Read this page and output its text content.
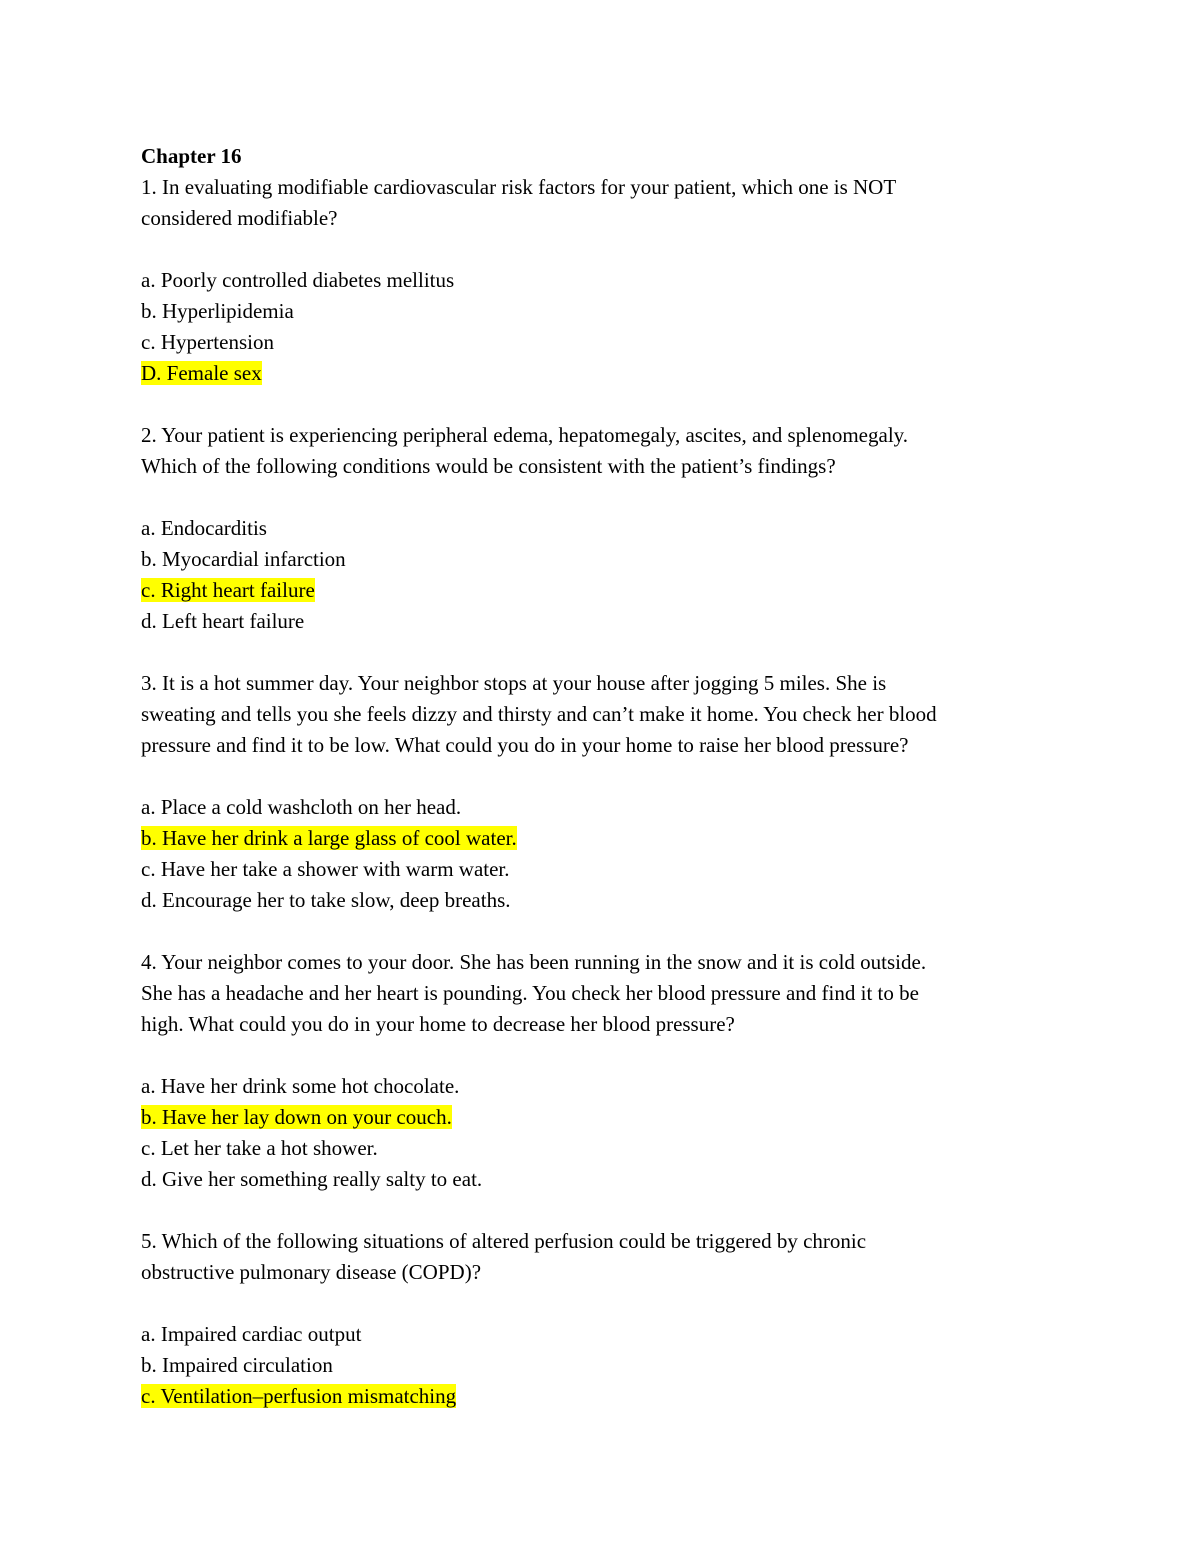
Chapter 16

1. In evaluating modifiable cardiovascular risk factors for your patient, which one is NOT

considered modifiable?

a. Poorly controlled diabetes mellitus

b. Hyperlipidemia

c. Hypertension

D. Female sex

2. Your patient is experiencing peripheral edema, hepatomegaly, ascites, and splenomegaly.

Which of the following conditions would be consistent with the patient’s findings?

a. Endocarditis

b. Myocardial infarction

c. Right heart failure

d. Left heart failure

3. It is a hot summer day. Your neighbor stops at your house after jogging 5 miles. She is

sweating and tells you she feels dizzy and thirsty and can’t make it home. You check her blood

pressure and find it to be low. What could you do in your home to raise her blood pressure?

a. Place a cold washcloth on her head.

b. Have her drink a large glass of cool water.

c. Have her take a shower with warm water.

d. Encourage her to take slow, deep breaths.

4. Your neighbor comes to your door. She has been running in the snow and it is cold outside.

She has a headache and her heart is pounding. You check her blood pressure and find it to be

high. What could you do in your home to decrease her blood pressure?

a. Have her drink some hot chocolate.

b. Have her lay down on your couch.

c. Let her take a hot shower.

d. Give her something really salty to eat.

5. Which of the following situations of altered perfusion could be triggered by chronic

obstructive pulmonary disease (COPD)?

a. Impaired cardiac output

b. Impaired circulation

c. Ventilation–perfusion mismatching
